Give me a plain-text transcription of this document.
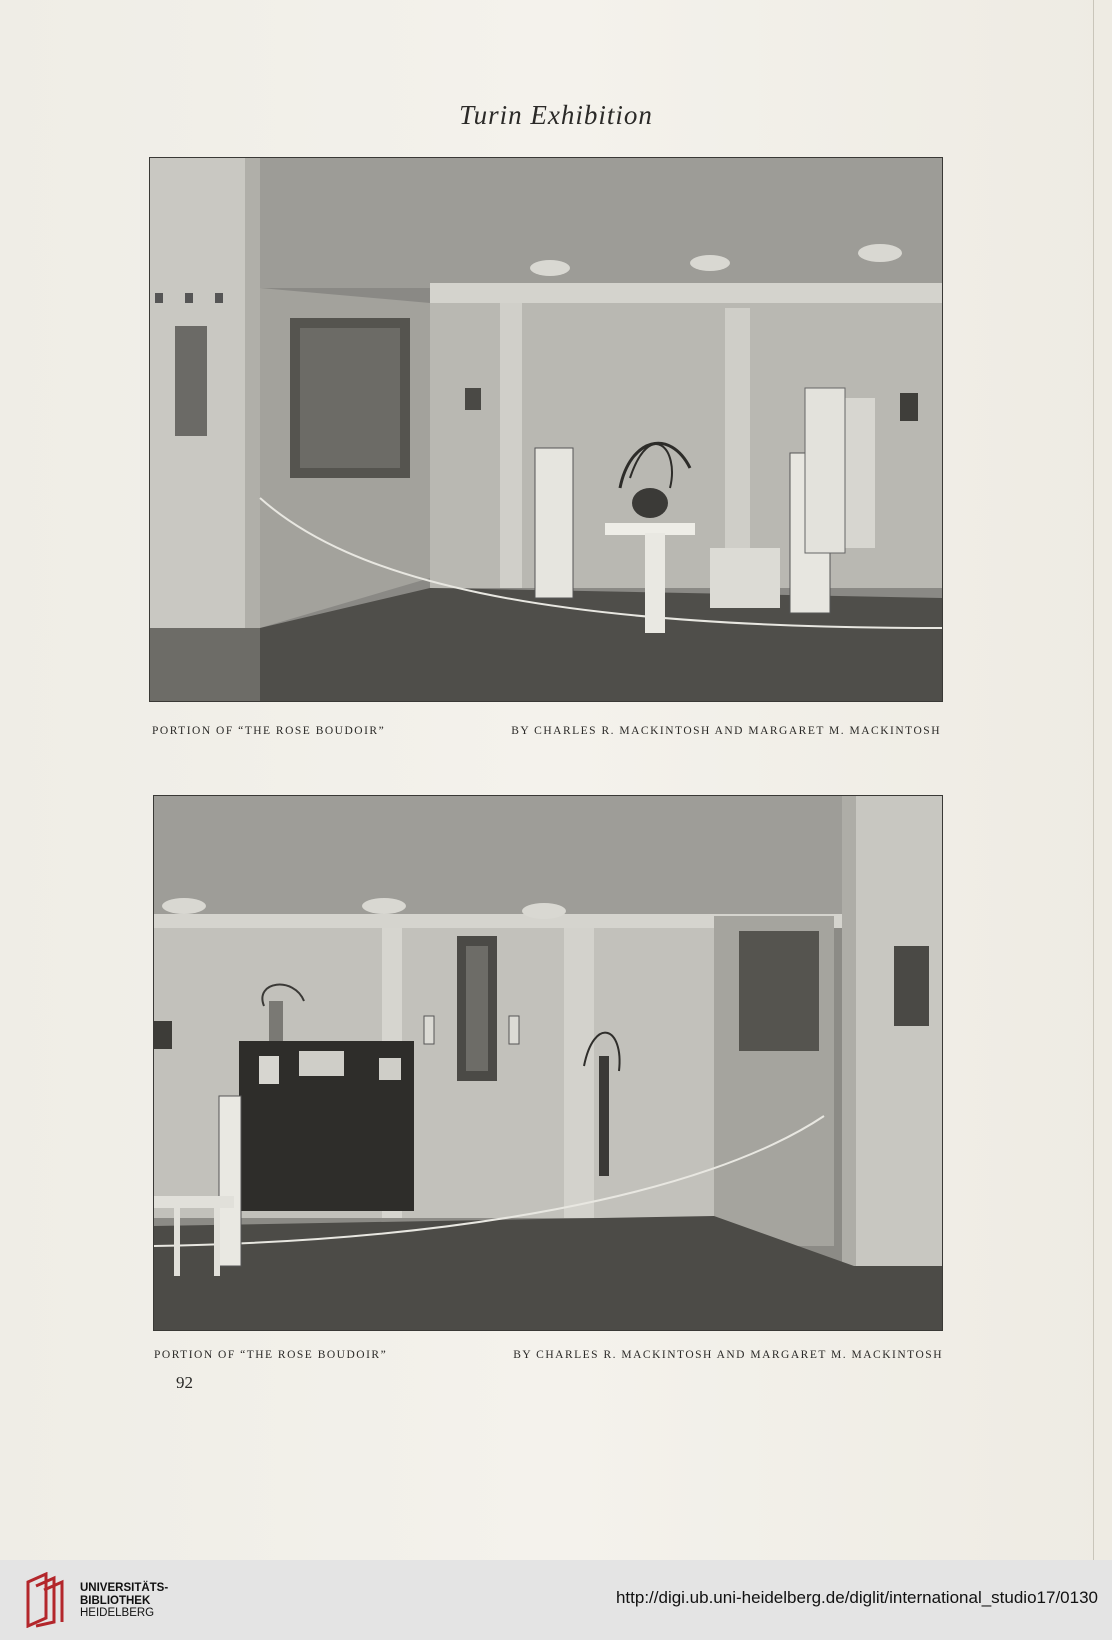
Turin Exhibition
PORTION OF “THE ROSE BOUDOIR”	BY CHARLES R. MACKINTOSH AND MARGARET M. MACKINTOSH
PORTION OF “THE ROSE BOUDOIR”	BY CHARLES R. MACKINTOSH AND MARGARET M. MACKINTOSH
92
UNIVERSITÄTS-
BIBLIOTHEK
HEIDELBERG
http://digi.ub.uni-heidelberg.de/diglit/international_studio17/0130
